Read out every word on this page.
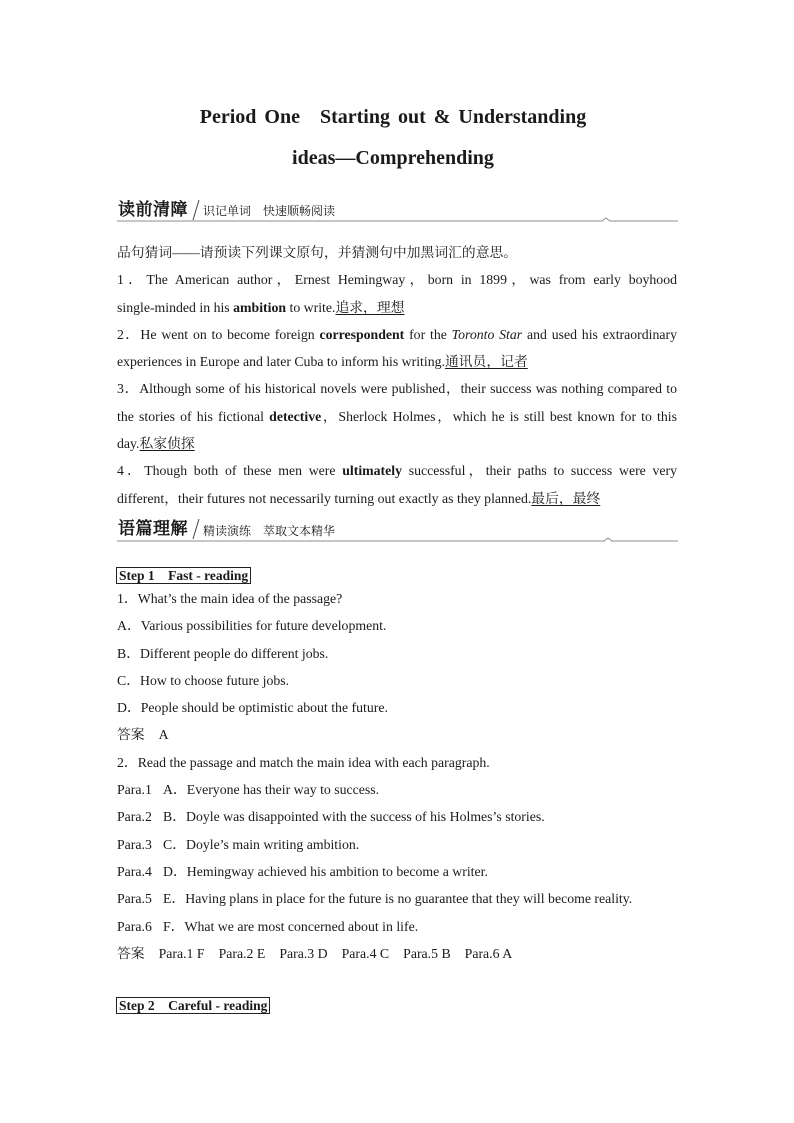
Period One　Starting out & Understanding
ideas—Comprehending
读前清障 识记单词　快速顺畅阅读
品句猜词——请预读下列课文原句，并猜测句中加黑词汇的意思。
1．The American author，Ernest Hemingway，born in 1899，was from early boyhood
single-minded in his ambition to write.追求，理想
2．He went on to become foreign correspondent for the Toronto Star and used his extraordinary
experiences in Europe and later Cuba to inform his writing.通讯员，记者
3．Although some of his historical novels were published，their success was nothing compared to
the stories of his fictional detective，Sherlock Holmes，which he is still best known for to this
day.私家侦探
4．Though both of these men were ultimately successful，their paths to success were very
different，their futures not necessarily turning out exactly as they planned.最后，最终
语篇理解 精读演练　萃取文本精华
Step 1　Fast - reading
1．What’s the main idea of the passage?
A．Various possibilities for future development.
B．Different people do different jobs.
C．How to choose future jobs.
D．People should be optimistic about the future.
答案 A
2．Read the passage and match the main idea with each paragraph.
Para.1 A．Everyone has their way to success.
Para.2 B．Doyle was disappointed with the success of his Holmes’s stories.
Para.3 C．Doyle’s main writing ambition.
Para.4 D．Hemingway achieved his ambition to become a writer.
Para.5 E．Having plans in place for the future is no guarantee that they will become reality.
Para.6 F．What we are most concerned about in life.
答案 Para.1 F Para.2 E Para.3 D Para.4 C Para.5 B Para.6 A
Step 2　Careful - reading
